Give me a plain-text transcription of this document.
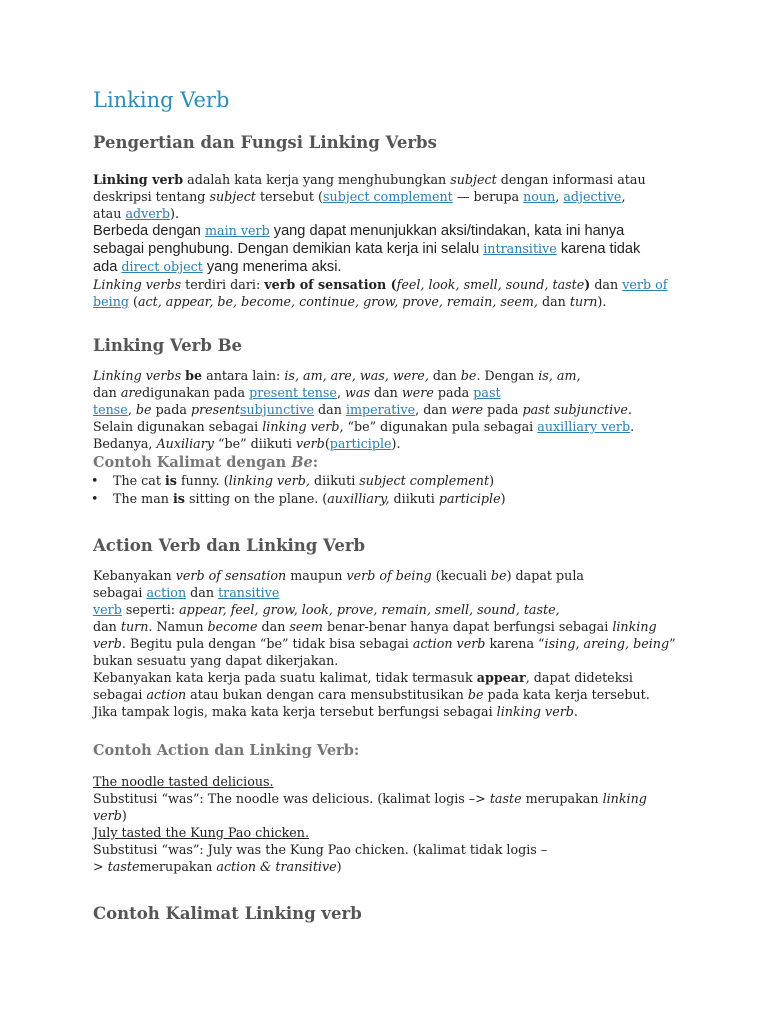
Linking Verb
Pengertian dan Fungsi Linking Verbs
Linking verb adalah kata kerja yang menghubungkan subject dengan informasi atau
deskripsi tentang subject tersebut (subject complement — berupa noun, adjective,
atau adverb).
Berbeda dengan main verb yang dapat menunjukkan aksi/tindakan, kata ini hanya
sebagai penghubung. Dengan demikian kata kerja ini selalu intransitive karena tidak
ada direct object yang menerima aksi.
Linking verbs terdiri dari: verb of sensation (feel, look, smell, sound, taste) dan verb of
being (act, appear, be, become, continue, grow, prove, remain, seem, dan turn).
Linking Verb Be
Linking verbs be antara lain: is, am, are, was, were, dan be. Dengan is, am,
dan aredigunakan pada present tense, was dan were pada past
tense, be pada presentsubjunctive dan imperative, dan were pada past subjunctive.
Selain digunakan sebagai linking verb, “be” digunakan pula sebagai auxilliary verb.
Bedanya, Auxiliary “be” diikuti verb(participle).
Contoh Kalimat dengan Be:
• The cat is funny. (linking verb, diikuti subject complement)
• The man is sitting on the plane. (auxilliary, diikuti participle)
Action Verb dan Linking Verb
Kebanyakan verb of sensation maupun verb of being (kecuali be) dapat pula
sebagai action dan transitive
verb seperti: appear, feel, grow, look, prove, remain, smell, sound, taste,
dan turn. Namun become dan seem benar-benar hanya dapat berfungsi sebagai linking
verb. Begitu pula dengan “be” tidak bisa sebagai action verb karena “ising, areing, being”
bukan sesuatu yang dapat dikerjakan.
Kebanyakan kata kerja pada suatu kalimat, tidak termasuk appear, dapat dideteksi
sebagai action atau bukan dengan cara mensubstitusikan be pada kata kerja tersebut.
Jika tampak logis, maka kata kerja tersebut berfungsi sebagai linking verb.
Contoh Action dan Linking Verb:
The noodle tasted delicious.
Substitusi “was”: The noodle was delicious. (kalimat logis –> taste merupakan linking
verb)
July tasted the Kung Pao chicken.
Substitusi “was”: July was the Kung Pao chicken. (kalimat tidak logis –
> tastemerupakan action & transitive)
Contoh Kalimat Linking verb
